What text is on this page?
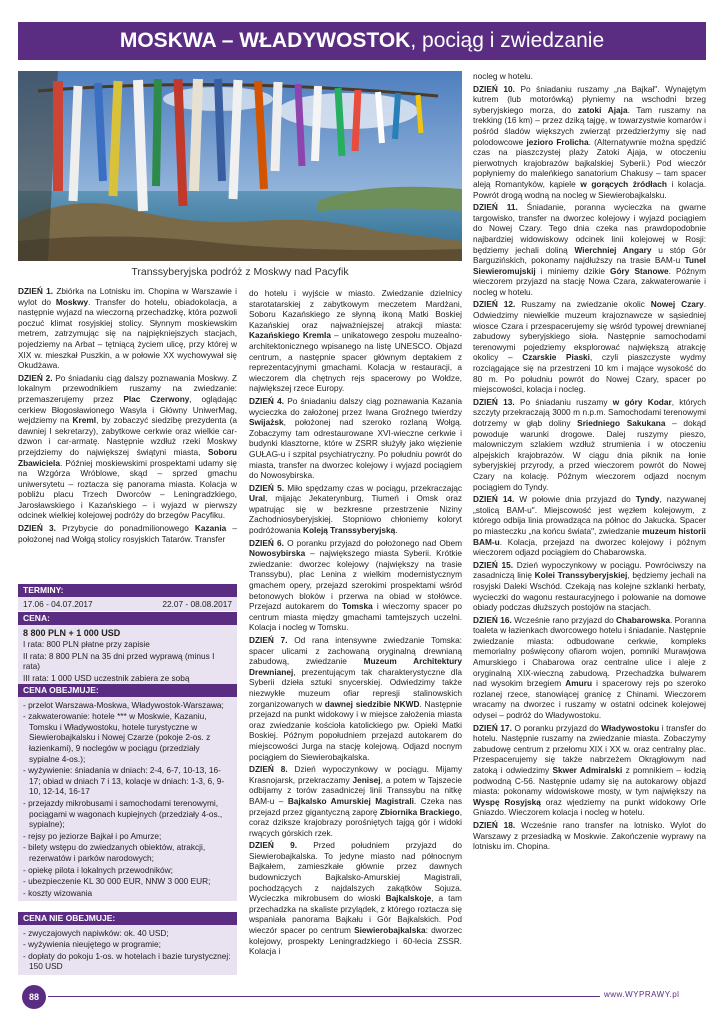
MOSKWA – WŁADYWOSTOK, pociąg i zwiedzanie
Transsyberyjska podróż z Moskwy nad Pacyfik

DZIEŃ 1. Zbiórka na Lotnisku im. Chopina w Warszawie i wylot do Moskwy. Transfer do hotelu, obiadokolacja, a następnie wyjazd na wieczorną przechadzkę, która pozwoli poczuć klimat rosyjskiej stolicy. Słynnym moskiewskim metrem, zatrzymując się na najpiękniejszych stacjach, pojedziemy na Arbat – tętniącą życiem ulicę, przy której w XIX w. mieszkał Puszkin, a w połowie XX wychowywał się Okudżawa.

DZIEŃ 2. Po śniadaniu ciąg dalszy poznawania Moskwy. Z lokalnym przewodnikiem ruszamy na zwiedzanie: przemaszerujemy przez Plac Czerwony, oglądając cerkiew Błogosławionego Wasyla i Główny UniwerMag, wejdziemy na Kreml, by zobaczyć siedzibę prezydenta (a dawniej I sekretarzy), zabytkowe cerkwie oraz wielkie car-dzwon i car-armatę. Następnie wzdłuż rzeki Moskwy przejdziemy do największej świątyni miasta, Soboru Zbawiciela. Później moskiewskimi prospektami udamy się na Wzgórza Wróblowe, skąd – sprzed gmachu uniwersytetu – roztacza się panorama miasta. Kolacja w pobliżu placu Trzech Dworców – Leningradzkiego, Jarosławskiego i Kazańskiego – i wyjazd w pierwszy odcinek wielkiej kolejowej podróży do brzegów Pacyfiku.

DZIEŃ 3. Przybycie do ponadmilionowego Kazania – położonej nad Wołgą stolicy rosyjskich Tatarów. Transfer

TERMINY:
17.06 - 04.07.2017	22.07 - 08.08.2017
CENA:
8 800 PLN + 1 000 USD
I rata: 800 PLN płatne przy zapisie
II rata: 8 800 PLN na 35 dni przed wyprawą (minus I rata)
III rata: 1 000 USD uczestnik zabiera ze sobą
CENA OBEJMUJE:
- przelot Warszawa-Moskwa, Władywostok-Warszawa;
- zakwaterowanie: hotele *** w Moskwie, Kazaniu, Tomsku i Władywostoku, hotele turystyczne w Siewierobajkalsku i Nowej Czarze (pokoje 2-os. z łazienkami), 9 noclegów w pociągu (przedziały sypialne 4-os.);
- wyżywienie: śniadania w dniach: 2-4, 6-7, 10-13, 16-17; obiad w dniach 7 i 13, kolacje w dniach: 1-3, 6, 9-10, 12-14, 16-17
- przejazdy mikrobusami i samochodami terenowymi, pociągami w wagonach kupiejnych (przedziały 4-os., sypialne);
- rejsy po jeziorze Bajkał i po Amurze;
- bilety wstępu do zwiedzanych obiektów, atrakcji, rezerwatów i parków narodowych;
- opiekę pilota i lokalnych przewodników;
- ubezpieczenie KL 30 000 EUR, NNW 3 000 EUR;
- koszty wizowania
CENA NIE OBEJMUJE:
- zwyczajowych napiwków: ok. 40 USD;
- wyżywienia nieujętego w programie;
- dopłaty do pokoju 1-os. w hotelach i bazie turystycznej: 150 USD

do hotelu i wyjście w miasto. Zwiedzanie dzielnicy starotatarskiej z zabytkowym meczetem Mardżani, Soboru Kazańskiego ze słynną ikoną Matki Boskiej Kazańskiej oraz najważniejszej atrakcji miasta: Kazańskiego Kremla – unikatowego zespołu muzealno-architektonicznego wpisanego na listę UNESCO. Objazd centrum, a następnie spacer głównym deptakiem z reprezentacyjnymi gmachami. Kolacja w restauracji, a wieczorem dla chętnych rejs spacerowy po Wołdze, największej rzece Europy.

DZIEŃ 4. Po śniadaniu dalszy ciąg poznawania Kazania wycieczka do założonej przez Iwana Groźnego twierdzy Swijażsk, położonej nad szeroko rozlaną Wołgą. Zobaczymy tam odrestaurowane XVI-wieczne cerkwie i budynki klasztorne, które w ZSRR służyły jako więzienie GUŁAG-u i szpital psychiatryczny. Po południu powrót do miasta, transfer na dworzec kolejowy i wyjazd pociągiem do Nowosybirska.

DZIEŃ 5. Miło spędzamy czas w pociągu, przekraczając Ural, mijając Jekaterynburg, Tiumeń i Omsk oraz wpatrując się w bezkresne przestrzenie Niziny Zachodniosyberyjskiej. Stopniowo chłoniemy koloryt podróżowania Koleją Transsyberyjską.

DZIEŃ 6. O poranku przyjazd do położonego nad Obem Nowosybirska – największego miasta Syberii. Krótkie zwiedzanie: dworzec kolejowy (największy na trasie Transsybu), plac Lenina z wielkim modernistycznym gmachem opery, przejazd szerokimi prospektami wśród betonowych bloków i przerwa na obiad w stołówce. Przejazd autokarem do Tomska i wieczorny spacer po centrum miasta między gmachami tamtejszych uczelni. Kolacja i nocleg w Tomsku.

DZIEŃ 7. Od rana intensywne zwiedzanie Tomska: spacer ulicami z zachowaną oryginalną drewnianą zabudową, zwiedzanie Muzeum Architektury Drewnianej, prezentującym tak charakterystyczne dla Syberii dzieła sztuki snycerskiej. Odwiedzimy także niezwykłe muzeum ofiar represji stalinowskich zorganizowanych w dawnej siedzibie NKWD. Następnie przejazd na punkt widokowy i w miejsce założenia miasta oraz zwiedzanie kościoła katolickiego pw. Opieki Matki Boskiej. Późnym popołudniem przejazd autokarem do miejscowości Jurga na stację kolejową. Odjazd nocnym pociągiem do Siewierobajkalska.

DZIEŃ 8. Dzień wypoczynkowy w pociągu. Mijamy Krasnojarsk, przekraczamy Jenisej, a potem w Tajszecie odbijamy z torów zasadniczej linii Transsybu na nitkę BAM-u – Bajkalsko Amurskiej Magistrali. Czeka nas przejazd przez gigantyczną zaporę Zbiornika Brackiego, coraz dziksze krajobrazy porośniętych tajgą gór i widoki rwących górskich rzek.

DZIEŃ 9. Przed południem przyjazd do Siewierobajkalska. To jedyne miasto nad północnym Bajkałem, zamieszkałe głównie przez dawnych budowniczych Bajkalsko-Amurskiej Magistrali, pochodzących z najdalszych zakątków Sojuza. Wycieczka mikrobusem do wioski Bajkalskoje, a tam przechadzka na skaliste przylądek, z którego roztacza się wspaniała panorama Bajkału i Gór Bajkalskich. Pod wieczór spacer po centrum Siewierobajkalska: dworzec kolejowy, prospekty Leningradzkiego i 60-lecia ZSSR. Kolacja i

nocleg w hotelu.

DZIEŃ 10. Po śniadaniu ruszamy „na Bajkał". Wynajętym kutrem (lub motorówką) płyniemy na wschodni brzeg syberyjskiego morza, do zatoki Ajaja. Tam ruszamy na trekking (16 km) – przez dziką tajgę, w towarzystwie komarów i pośród śladów większych zwierząt przedzierżymy się nad polodowcowe jezioro Frolicha. (Alternatywnie można spędzić czas na piaszczystej plaży Zatoki Ajaja, w otoczeniu pierwotnych krajobrazów bajkalskiej Syberii.) Pod wieczór popłyniemy do maleńkiego sanatorium Chakusy – tam spacer aleją Romantyków, kąpiele w gorących źródłach i kolacja. Powrót drogą wodną na nocleg w Siewierobajkalsku.

DZIEŃ 11. Śniadanie, poranna wycieczka na gwarne targowisko, transfer na dworzec kolejowy i wyjazd pociągiem do Nowej Czary. Tego dnia czeka nas prawdopodobnie najbardziej widowiskowy odcinek linii kolejowej w Rosji: będziemy jechali doliną Wierchniej Angary u stóp Gór Barguzińskich, pokonamy najdłuższy na trasie BAM-u Tunel Siewieromujskij i miniemy dzikie Góry Stanowe. Późnym wieczorem przyjazd na stację Nowa Czara, zakwaterowanie i nocleg w hotelu.

DZIEŃ 12. Ruszamy na zwiedzanie okolic Nowej Czary. Odwiedzimy niewielkie muzeum krajoznawcze w sąsiedniej wiosce Czara i przespacerujemy się wśród typowej drewnianej zabudowy syberyjskiego sioła. Następnie samochodami terenowymi pojedziemy eksplorować największą atrakcję okolicy – Czarskie Piaski, czyli piaszczyste wydmy rozciągające się na przestrzeni 10 km i mające wysokość do 80 m. Po południu powrót do Nowej Czary, spacer po miejscowości, kolacja i nocleg.

DZIEŃ 13. Po śniadaniu ruszamy w góry Kodar, których szczyty przekraczają 3000 m n.p.m. Samochodami terenowymi dotrzemy w głąb doliny Sriedniego Sakukana – dokąd powoduje warunki drogowe. Dalej ruszymy pieszo, malowniczym szlakiem wzdłuż strumienia i w otoczeniu alpejskich krajobrazów. W ciągu dnia piknik na łonie syberyjskiej przyrody, a przed wieczorem powrót do Nowej Czary na kolację. Późnym wieczorem odjazd nocnym pociągiem do Tyndy.

DZIEŃ 14. W połowie dnia przyjazd do Tyndy, nazywanej „stolicą BAM-u". Miejscowość jest węzłem kolejowym, z którego odbija linia prowadząca na północ do Jakucka. Spacer po miasteczku „na końcu świata", zwiedzanie muzeum historii BAM-u. Kolacja, przejazd na dworzec kolejowy i późnym wieczorem odjazd pociągiem do Chabarowska.

DZIEŃ 15. Dzień wypoczynkowy w pociągu. Powróciwszy na zasadniczą linię Kolei Transsyberyjskiej, będziemy jechali na rosyjski Daleki Wschód. Czekają nas kolejne szklanki herbaty, wycieczki do wagonu restauracyjnego i polowanie na domowe obiady podczas dłuższych postojów na stacjach.

DZIEŃ 16. Wcześnie rano przyjazd do Chabarowska. Poranna toaleta w łazienkach dworcowego hotelu i śniadanie. Następnie zwiedzanie miasta: odbudowane cerkwie, kompleks memorialny poświęcony ofiarom wojen, pomniki Murawjowa Amurskiego i Chabarowa oraz centralne ulice i aleje z oryginalną XIX-wieczną zabudową. Przechadzka bulwarem nad wysokim brzegiem Amuru i spacerowy rejs po szeroko rozlanej rzece, stanowiącej granicę z Chinami. Wieczorem wracamy na dworzec i ruszamy w ostatni odcinek kolejowej odysei – podróż do Władywostoku.

DZIEŃ 17. O poranku przyjazd do Władywostoku i transfer do hotelu. Następnie ruszamy na zwiedzanie miasta. Zobaczymy zabudowę centrum z przełomu XIX i XX w. oraz centralny plac. Przespacerujemy się także nabrzeżem Okrągłowym nad zatoką i odwiedzimy Skwer Admiralski z pomnikiem – łodzią podwodną C-56. Następnie udamy się na autokarowy objazd miasta: pokonamy widowiskowe mosty, w tym największy na Wyspę Rosyjską oraz wjedziemy na punkt widokowy Orle Gniazdo. Wieczorem kolacja i nocleg w hotelu.

DZIEŃ 18. Wcześnie rano transfer na lotnisko. Wylot do Warszawy z przesiadką w Moskwie. Zakończenie wyprawy na lotnisku im. Chopina.

88	www.WYPRAWY.pl
